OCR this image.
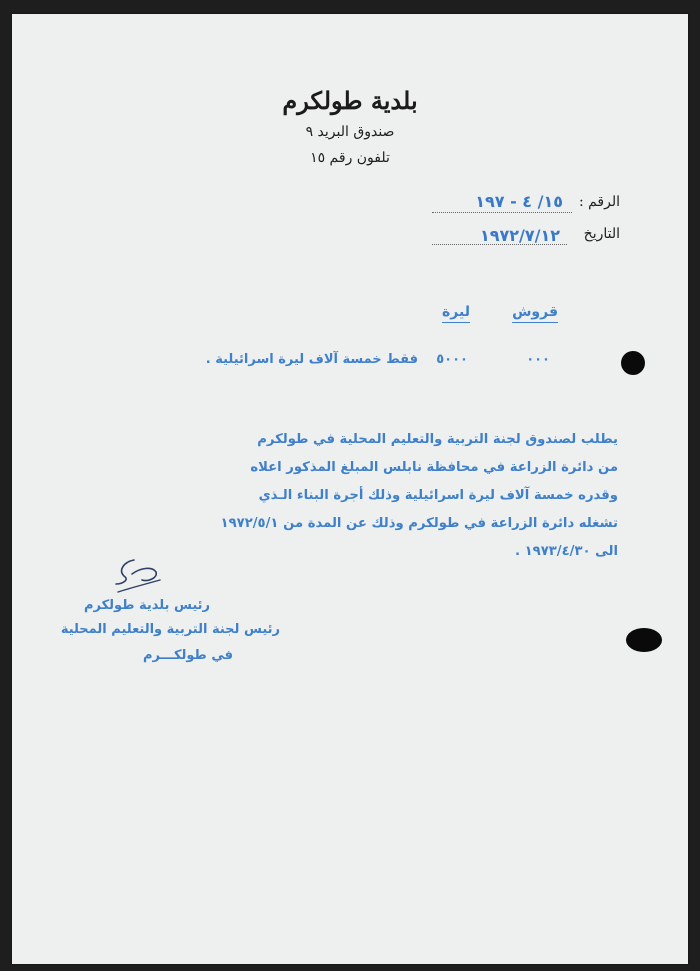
بلدية طولكرم
صندوق البريد ٩
تلفون رقم ١٥
الرقم :
١٥/ ٤ - ١٩٧
التاريخ
١٩٧٢/٧/١٢
قروش
ليرة
٠٠٠
٥٠٠٠
فقط خمسة آلاف ليرة اسرائيلية .
يطلب لصندوق لجنة التربية والتعليم المحلية في طولكرم
من دائرة الزراعة في محافظة نابلس المبلغ المذكور اعلاه
وقدره خمسة آلاف ليرة اسرائيلية وذلك أجرة البناء الـذي
تشغله دائرة الزراعة في طولكرم وذلك عن المدة من ١٩٧٢/٥/١
الى ١٩٧٣/٤/٣٠ .
رئيس بلدية طولكرم
رئيس لجنة التربية والتعليم المحلية
في طولكـــرم
